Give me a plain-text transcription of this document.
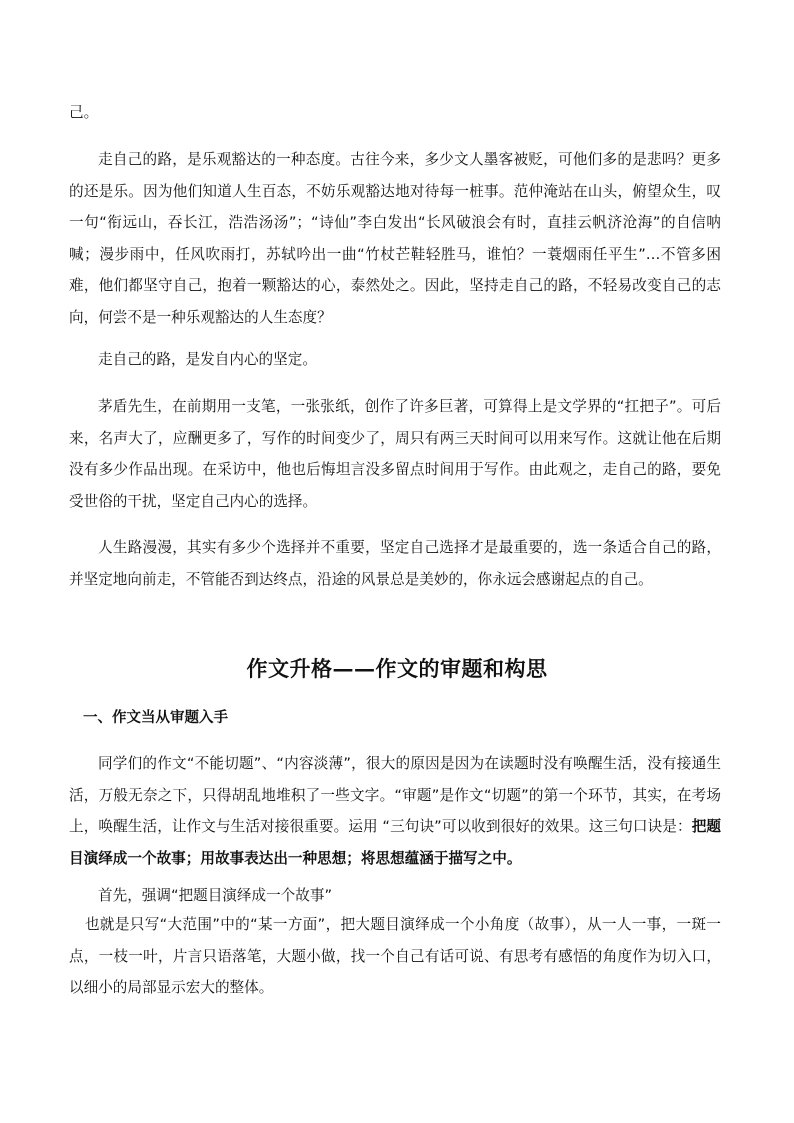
己。

走自己的路，是乐观豁达的一种态度。古往今来，多少文人墨客被贬，可他们多的是悲吗？更多的还是乐。因为他们知道人生百态，不妨乐观豁达地对待每一桩事。范仲淹站在山头，俯望众生，叹一句“衔远山，吞长江，浩浩汤汤”；“诗仙”李白发出“长风破浪会有时，直挂云帆济沧海”的自信呐喊；漫步雨中，任风吹雨打，苏轼吟出一曲“竹杖芒鞋轻胜马，谁怕？一蓑烟雨任平生”…不管多困难，他们都坚守自己，抱着一颗豁达的心，泰然处之。因此，坚持走自己的路，不轻易改变自己的志向，何尝不是一种乐观豁达的人生态度？

走自己的路，是发自内心的坚定。

茅盾先生，在前期用一支笔，一张张纸，创作了许多巨著，可算得上是文学界的“扛把子”。可后来，名声大了，应酬更多了，写作的时间变少了，周只有两三天时间可以用来写作。这就让他在后期没有多少作品出现。在采访中，他也后悔坦言没多留点时间用于写作。由此观之，走自己的路，要免受世俗的干扰，坚定自己内心的选择。

人生路漫漫，其实有多少个选择并不重要，坚定自己选择才是最重要的，选一条适合自己的路，并坚定地向前走，不管能否到达终点，沿途的风景总是美妙的，你永远会感谢起点的自己。

作文升格——作文的审题和构思
一、作文当从审题入手

同学们的作文“不能切题”、“内容淡薄”，很大的原因是因为在读题时没有唤醒生活，没有接通生活，万般无奈之下，只得胡乱地堆积了一些文字。“审题”是作文“切题”的第一个环节，其实，在考场上，唤醒生活，让作文与生活对接很重要。运用 “三句诀”可以收到很好的效果。这三句口诀是：把题目演绎成一个故事；用故事表达出一种思想；将思想蕴涵于描写之中。

首先，强调“把题目演绎成一个故事”

也就是只写“大范围”中的“某一方面”，把大题目演绎成一个小角度（故事），从一人一事，一斑一点，一枝一叶，片言只语落笔，大题小做，找一个自己有话可说、有思考有感悟的角度作为切入口，以细小的局部显示宏大的整体。
